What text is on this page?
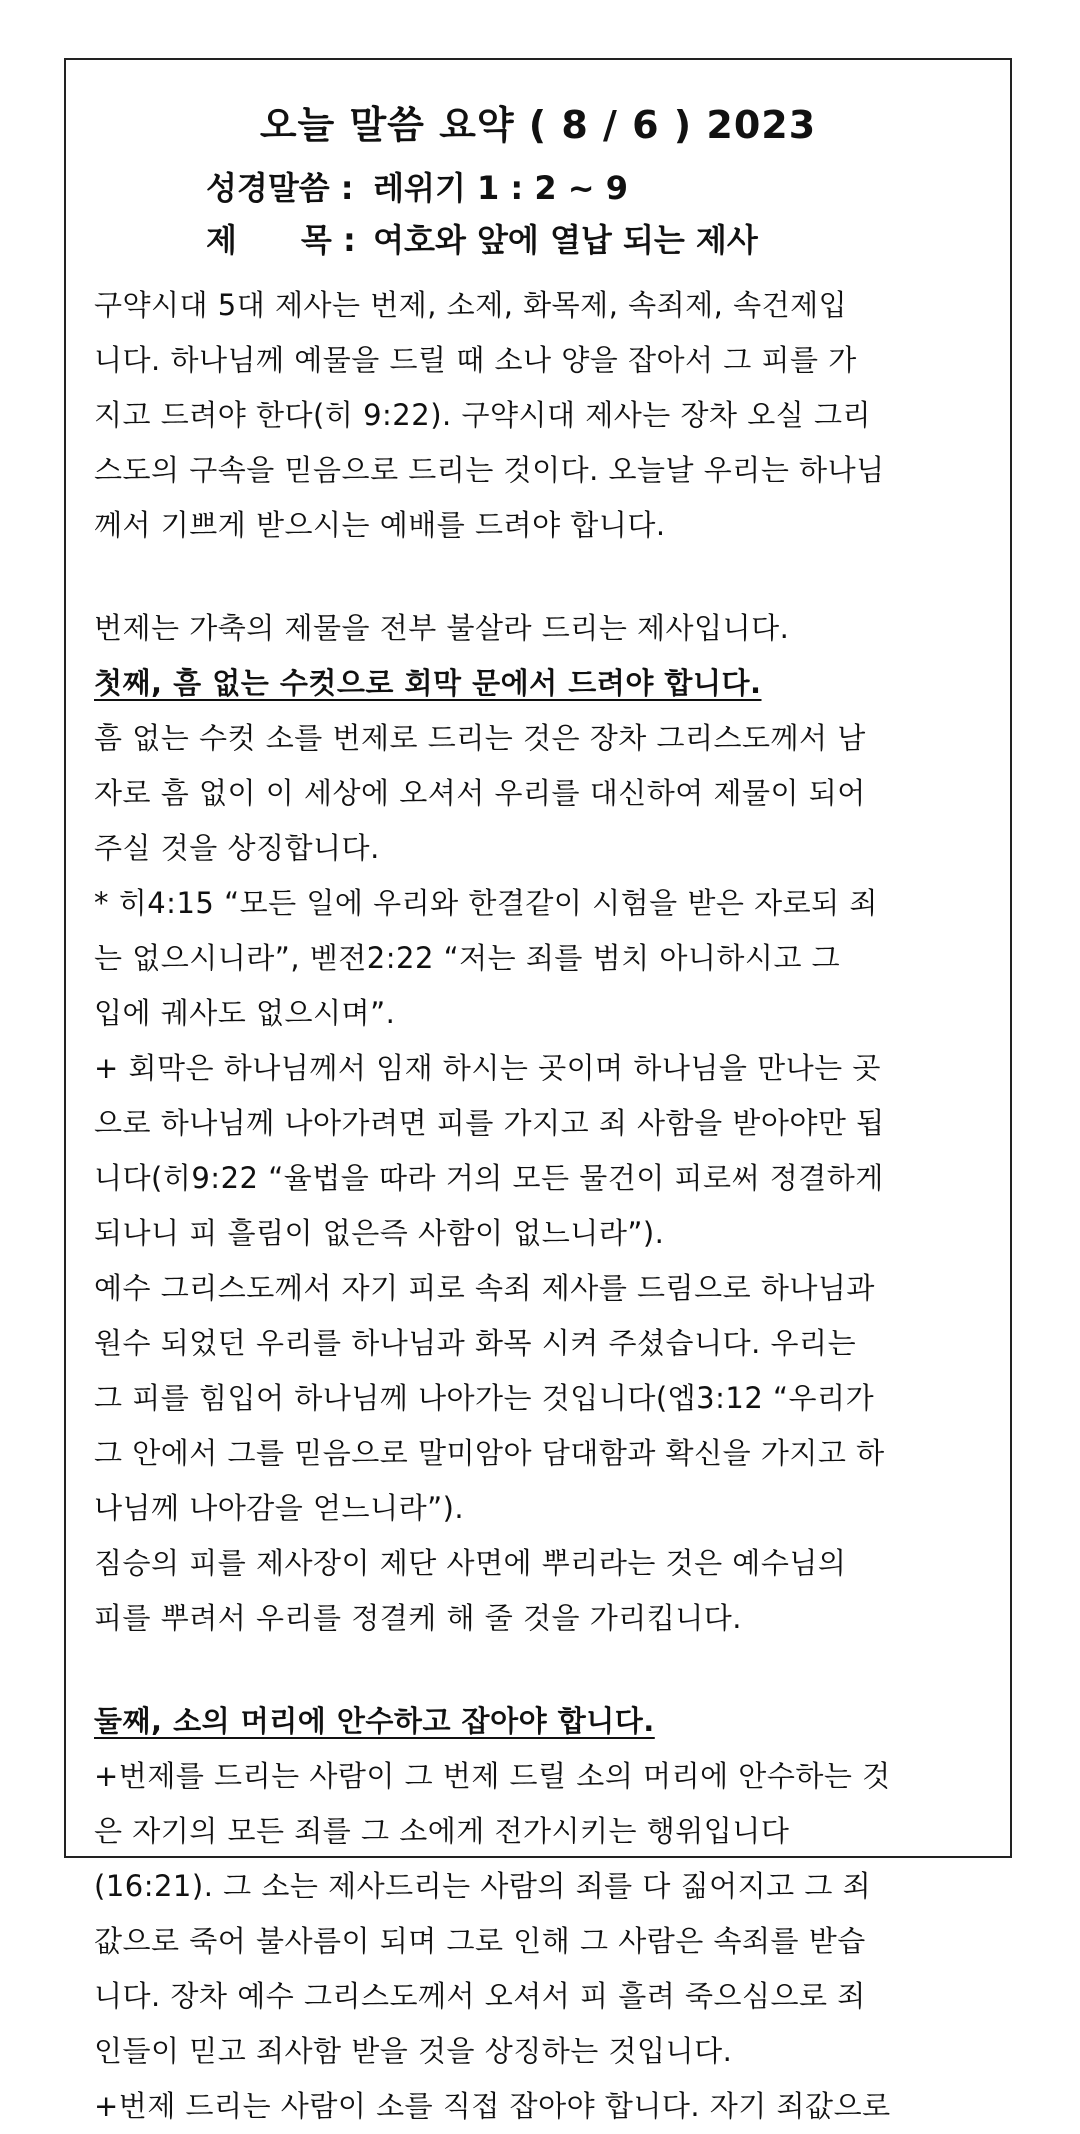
오늘 말씀 요약 ( 8 / 6 ) 2023
성경말씀 : 레위기 1 : 2 ~ 9
제　　목 : 여호와 앞에 열납 되는 제사
구약시대 5대 제사는 번제, 소제, 화목제, 속죄제, 속건제입
니다. 하나님께 예물을 드릴 때 소나 양을 잡아서 그 피를 가
지고 드려야 한다(히 9:22). 구약시대 제사는 장차 오실 그리
스도의 구속을 믿음으로 드리는 것이다. 오늘날 우리는 하나님
께서 기쁘게 받으시는 예배를 드려야 합니다.
번제는 가축의 제물을 전부 불살라 드리는 제사입니다.
첫째, 흠 없는 수컷으로 회막 문에서 드려야 합니다.
흠 없는 수컷 소를 번제로 드리는 것은 장차 그리스도께서 남
자로 흠 없이 이 세상에 오셔서 우리를 대신하여 제물이 되어
주실 것을 상징합니다.
* 히4:15 “모든 일에 우리와 한결같이 시험을 받은 자로되 죄
는 없으시니라”, 벧전2:22 “저는 죄를 범치 아니하시고 그
입에 궤사도 없으시며”.
+ 회막은 하나님께서 임재 하시는 곳이며 하나님을 만나는 곳
으로 하나님께 나아가려면 피를 가지고 죄 사함을 받아야만 됩
니다(히9:22 “율법을 따라 거의 모든 물건이 피로써 정결하게
되나니 피 흘림이 없은즉 사함이 없느니라”).
예수 그리스도께서 자기 피로 속죄 제사를 드림으로 하나님과
원수 되었던 우리를 하나님과 화목 시켜 주셨습니다. 우리는
그 피를 힘입어 하나님께 나아가는 것입니다(엡3:12 “우리가
그 안에서 그를 믿음으로 말미암아 담대함과 확신을 가지고 하
나님께 나아감을 얻느니라”).
짐승의 피를 제사장이 제단 사면에 뿌리라는 것은 예수님의
피를 뿌려서 우리를 정결케 해 줄 것을 가리킵니다.
둘째, 소의 머리에 안수하고 잡아야 합니다.
+번제를 드리는 사람이 그 번제 드릴 소의 머리에 안수하는 것
은 자기의 모든 죄를 그 소에게 전가시키는 행위입니다
(16:21). 그 소는 제사드리는 사람의 죄를 다 짊어지고 그 죄
값으로 죽어 불사름이 되며 그로 인해 그 사람은 속죄를 받습
니다. 장차 예수 그리스도께서 오셔서 피 흘려 죽으심으로 죄
인들이 믿고 죄사함 받을 것을 상징하는 것입니다.
+번제 드리는 사람이 소를 직접 잡아야 합니다. 자기 죄값으로
